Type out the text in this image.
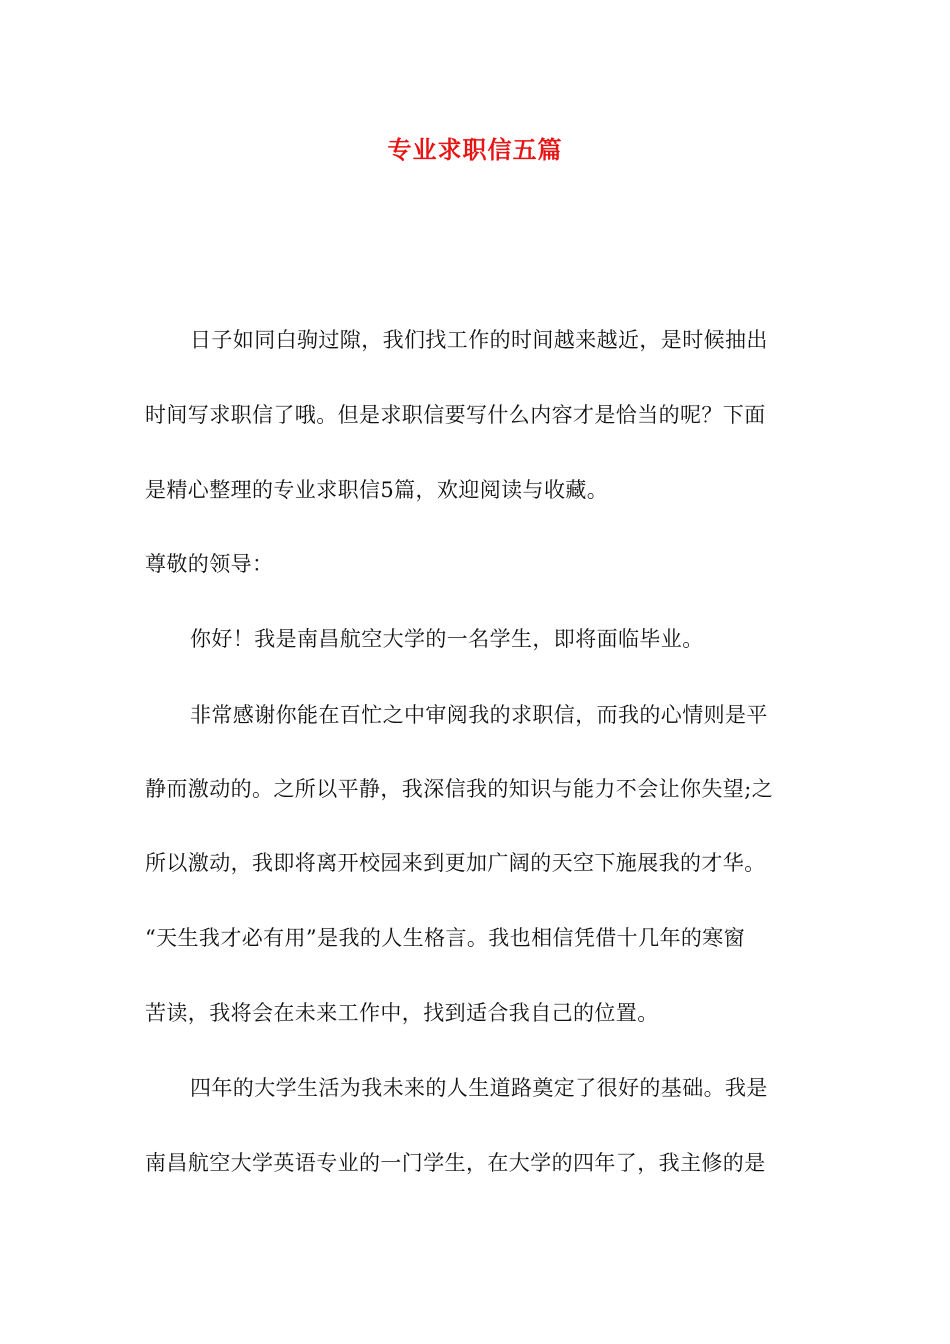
专业求职信五篇
日子如同白驹过隙，我们找工作的时间越来越近，是时候抽出
时间写求职信了哦。但是求职信要写什么内容才是恰当的呢？下面
是精心整理的专业求职信5篇，欢迎阅读与收藏。
尊敬的领导：
你好！我是南昌航空大学的一名学生，即将面临毕业。
非常感谢你能在百忙之中审阅我的求职信，而我的心情则是平
静而激动的。之所以平静，我深信我的知识与能力不会让你失望;之
所以激动，我即将离开校园来到更加广阔的天空下施展我的才华。
“天生我才必有用”是我的人生格言。我也相信凭借十几年的寒窗
苦读，我将会在未来工作中，找到适合我自己的位置。
四年的大学生活为我未来的人生道路奠定了很好的基础。我是
南昌航空大学英语专业的一门学生，在大学的四年了，我主修的是
